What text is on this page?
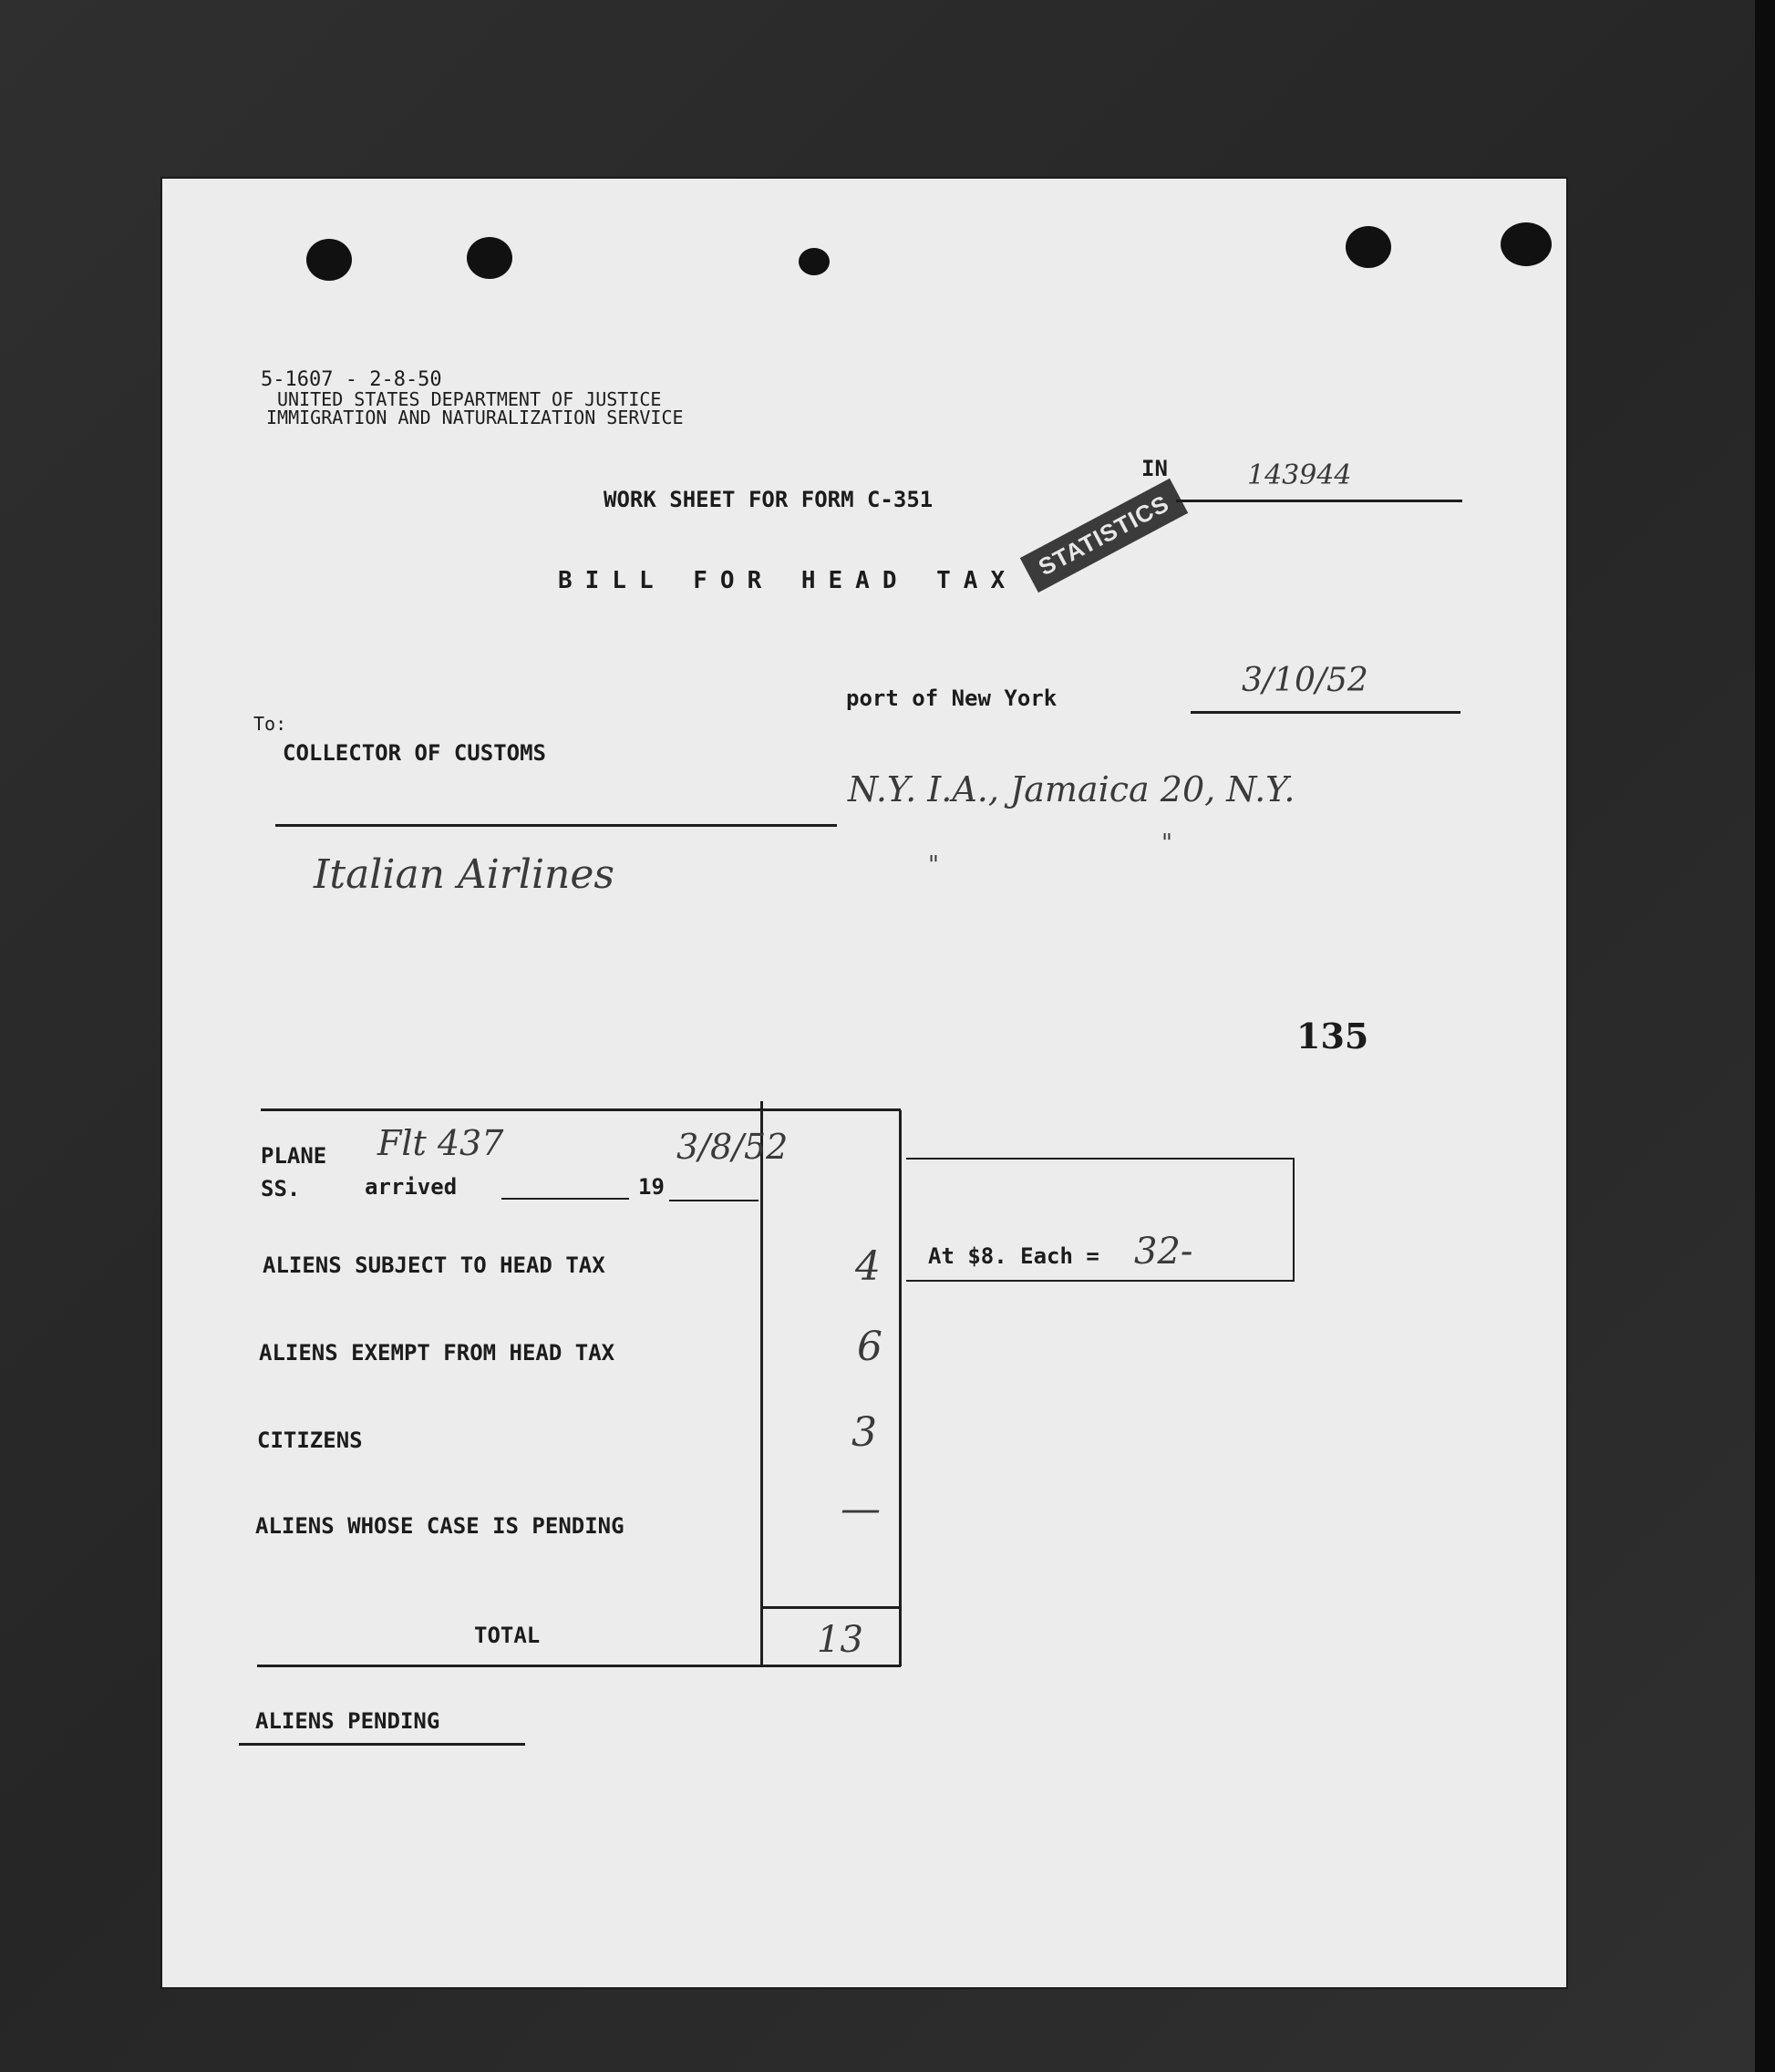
5-1607 - 2-8-50
UNITED STATES DEPARTMENT OF JUSTICE
IMMIGRATION AND NATURALIZATION SERVICE
STATISTICS
IN	143944
WORK SHEET FOR FORM C-351
BILL FOR HEAD TAX
port of New York	3/10/52
To:
COLLECTOR OF CUSTOMS
N.Y. I.A., Jamaica 20, N.Y.
"
"
Italian Airlines
135
PLANE
SS.	arrived	19
Flt 437	3/8/52
ALIENS SUBJECT TO HEAD TAX	4
ALIENS EXEMPT FROM HEAD TAX	6
CITIZENS	3
ALIENS WHOSE CASE IS PENDING	—
TOTAL	13
At $8. Each = 32-
ALIENS PENDING
